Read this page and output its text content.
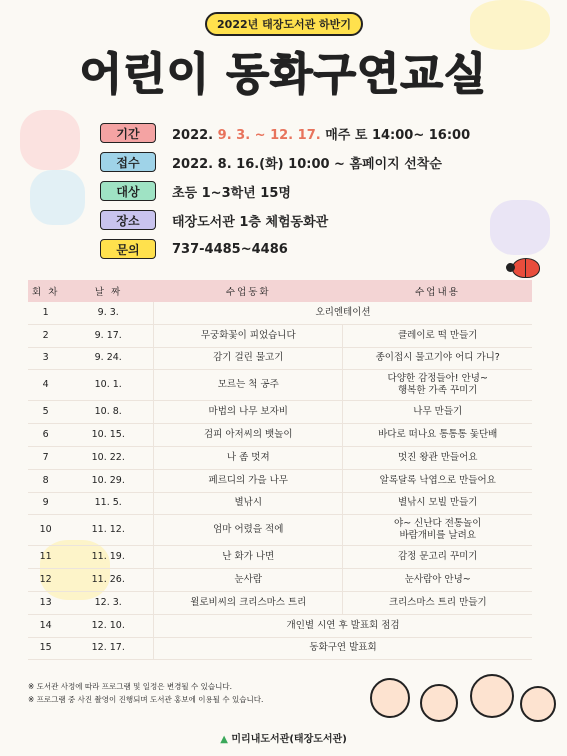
2022년 태장도서관 하반기
어린이 동화구연교실
기간	2022. 9. 3. ~ 12. 17. 매주 토 14:00~ 16:00
접수	2022. 8. 16.(화) 10:00 ~ 홈페이지 선착순
대상	초등 1~3학년 15명
장소	태장도서관 1층 체험동화관
문의	737-4485~4486
회 차	날 짜	수업동화	수업내용
1	9. 3.	오리엔테이션	
2	9. 17.	무궁화꽃이 피었습니다	클레이로 떡 만들기
3	9. 24.	감기 걸린 물고기	종이접시 물고기야 어디 가니?
4	10. 1.	모르는 척 공주	다양한 감정들아! 안녕~
행복한 가족 꾸미기
5	10. 8.	마법의 나무 보자비	나무 만들기
6	10. 15.	검피 아저씨의 뱃놀이	바다로 떠나요 통통통 돛단배
7	10. 22.	나 좀 멋져	멋진 왕관 만들어요
8	10. 29.	페르디의 가을 나무	알록달록 낙엽으로 만들어요
9	11. 5.	별낚시	별낚시 모빌 만들기
10	11. 12.	엄마 어렸을 적에	야~ 신난다 전통놀이
바람개비를 날려요
11	11. 19.	난 화가 나면	감정 문고리 꾸미기
12	11. 26.	눈사람	눈사람아 안녕~
13	12. 3.	윌로비씨의 크리스마스 트리	크리스마스 트리 만들기
14	12. 10.	개인별 시연 후 발표회 점검	
15	12. 17.	동화구연 발표회	
※ 도서관 사정에 따라 프로그램 및 일정은 변경될 수 있습니다.
※ 프로그램 중 사진 촬영이 진행되며 도서관 홍보에 이용될 수 있습니다.
▲ 미리내도서관(태장도서관)
